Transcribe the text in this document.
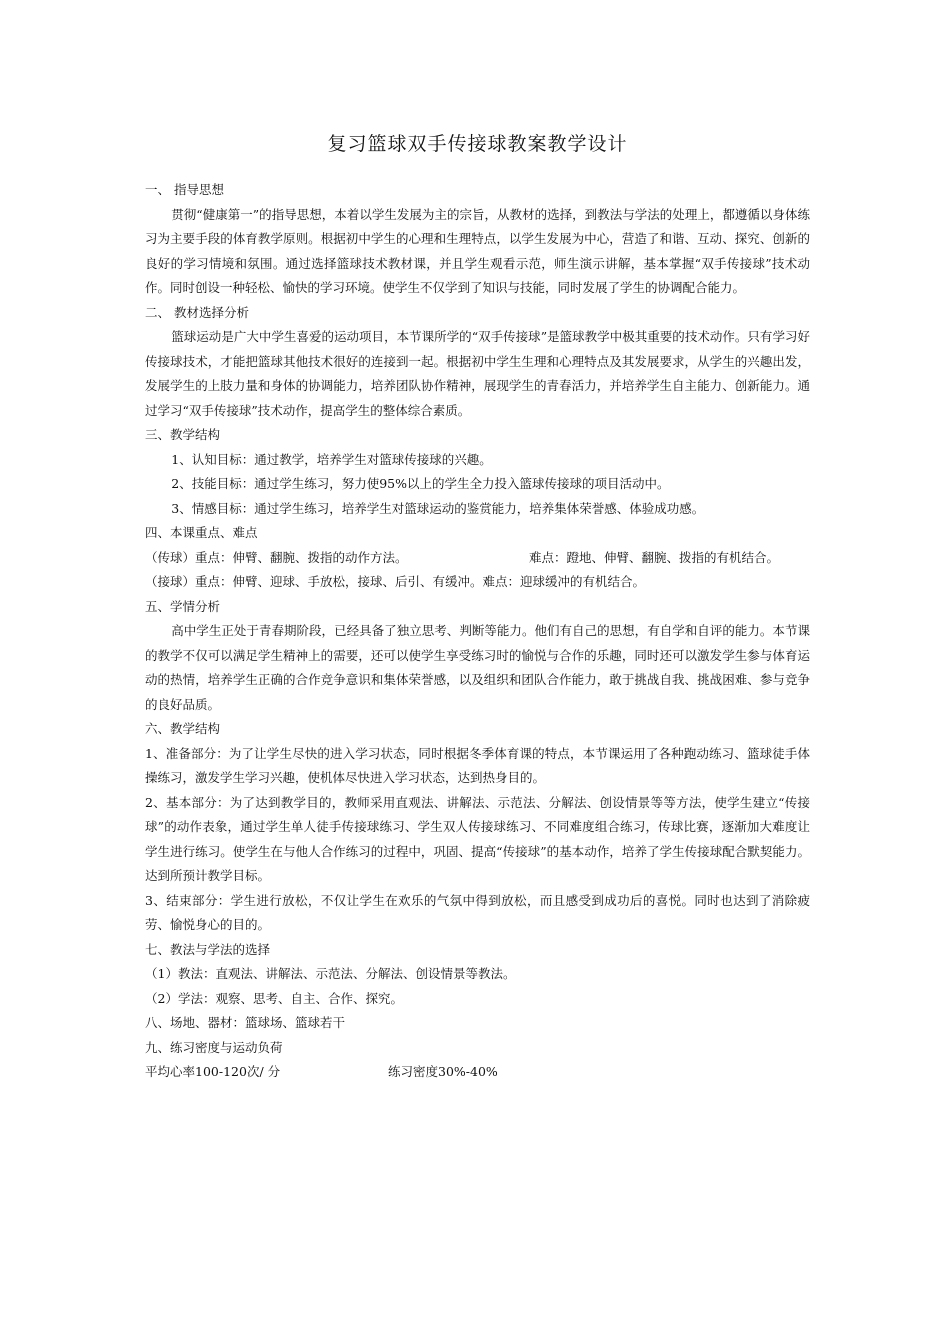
复习篮球双手传接球教案教学设计

一、 指导思想

贯彻“健康第一”的指导思想，本着以学生发展为主的宗旨，从教材的选择，到教法与学法的处理上，都遵循以身体练习为主要手段的体育教学原则。根据初中学生的心理和生理特点，以学生发展为中心，营造了和谐、互动、探究、创新的良好的学习情境和氛围。通过选择篮球技术教材课，并且学生观看示范，师生演示讲解，基本掌握“双手传接球”技术动作。同时创设一种轻松、愉快的学习环境。使学生不仅学到了知识与技能，同时发展了学生的协调配合能力。

二、 教材选择分析

篮球运动是广大中学生喜爱的运动项目，本节课所学的“双手传接球”是篮球教学中极其重要的技术动作。只有学习好传接球技术，才能把篮球其他技术很好的连接到一起。根据初中学生生理和心理特点及其发展要求，从学生的兴趣出发，发展学生的上肢力量和身体的协调能力，培养团队协作精神，展现学生的青春活力，并培养学生自主能力、创新能力。通过学习“双手传接球”技术动作，提高学生的整体综合素质。

三、教学结构

1、认知目标：通过教学，培养学生对篮球传接球的兴趣。

2、技能目标：通过学生练习，努力使95%以上的学生全力投入篮球传接球的项目活动中。

3、情感目标：通过学生练习，培养学生对篮球运动的鉴赏能力，培养集体荣誉感、体验成功感。

四、本课重点、难点

（传球）重点：伸臂、翻腕、拨指的动作方法。	难点：蹬地、伸臂、翻腕、拨指的有机结合。

（接球）重点：伸臂、迎球、手放松，接球、后引、有缓冲。难点：迎球缓冲的有机结合。

五、学情分析

高中学生正处于青春期阶段，已经具备了独立思考、判断等能力。他们有自己的思想，有自学和自评的能力。本节课的教学不仅可以满足学生精神上的需要，还可以使学生享受练习时的愉悦与合作的乐趣，同时还可以激发学生参与体育运动的热情，培养学生正确的合作竞争意识和集体荣誉感，以及组织和团队合作能力，敢于挑战自我、挑战困难、参与竞争的良好品质。

六、教学结构

1、准备部分：为了让学生尽快的进入学习状态，同时根据冬季体育课的特点，本节课运用了各种跑动练习、篮球徒手体操练习，激发学生学习兴趣，使机体尽快进入学习状态，达到热身目的。

2、基本部分：为了达到教学目的，教师采用直观法、讲解法、示范法、分解法、创设情景等等方法，使学生建立“传接球”的动作表象，通过学生单人徒手传接球练习、学生双人传接球练习、不同难度组合练习，传球比赛，逐渐加大难度让学生进行练习。使学生在与他人合作练习的过程中，巩固、提高“传接球”的基本动作，培养了学生传接球配合默契能力。达到所预计教学目标。

3、结束部分：学生进行放松，不仅让学生在欢乐的气氛中得到放松，而且感受到成功后的喜悦。同时也达到了消除疲劳、愉悦身心的目的。

七、教法与学法的选择

（1）教法：直观法、讲解法、示范法、分解法、创设情景等教法。

（2）学法：观察、思考、自主、合作、探究。

八、场地、器材：篮球场、篮球若干

九、练习密度与运动负荷

平均心率100-120次/ 分	练习密度30%-40%
